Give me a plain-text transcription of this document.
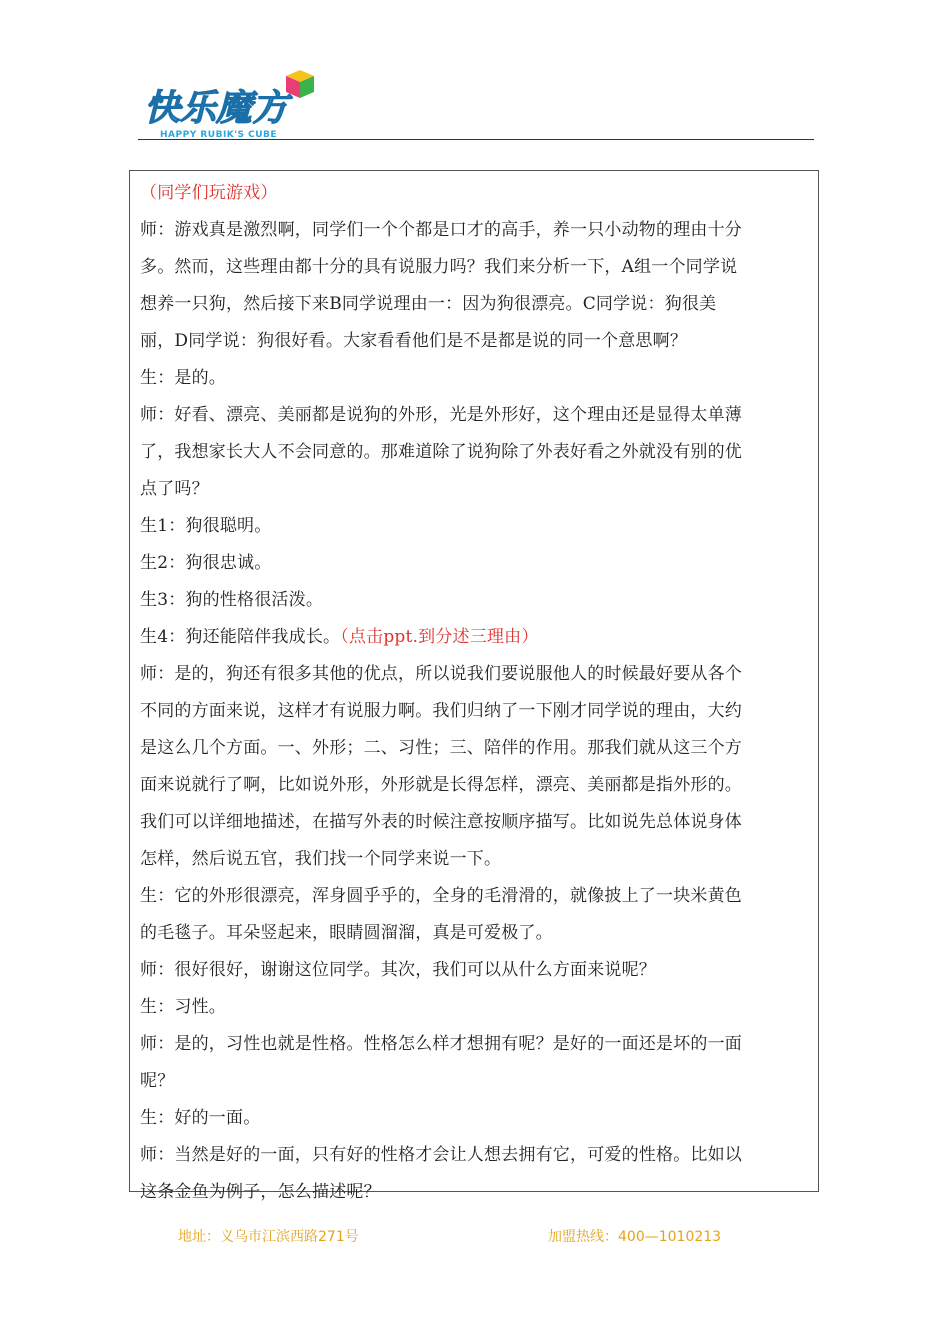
快乐魔方
HAPPY RUBIK'S CUBE
（同学们玩游戏）
师：游戏真是激烈啊，同学们一个个都是口才的高手，养一只小动物的理由十分
多。然而，这些理由都十分的具有说服力吗？我们来分析一下，A组一个同学说
想养一只狗，然后接下来B同学说理由一：因为狗很漂亮。C同学说：狗很美
丽，D同学说：狗很好看。大家看看他们是不是都是说的同一个意思啊？
生：是的。
师：好看、漂亮、美丽都是说狗的外形，光是外形好，这个理由还是显得太单薄
了，我想家长大人不会同意的。那难道除了说狗除了外表好看之外就没有别的优
点了吗？
生1：狗很聪明。
生2：狗很忠诚。
生3：狗的性格很活泼。
生4：狗还能陪伴我成长。（点击ppt.到分述三理由）
师：是的，狗还有很多其他的优点，所以说我们要说服他人的时候最好要从各个
不同的方面来说，这样才有说服力啊。我们归纳了一下刚才同学说的理由，大约
是这么几个方面。一、外形；二、习性；三、陪伴的作用。那我们就从这三个方
面来说就行了啊，比如说外形，外形就是长得怎样，漂亮、美丽都是指外形的。
我们可以详细地描述，在描写外表的时候注意按顺序描写。比如说先总体说身体
怎样，然后说五官，我们找一个同学来说一下。
生：它的外形很漂亮，浑身圆乎乎的，全身的毛滑滑的，就像披上了一块米黄色
的毛毯子。耳朵竖起来，眼睛圆溜溜，真是可爱极了。
师：很好很好，谢谢这位同学。其次，我们可以从什么方面来说呢？
生：习性。
师：是的，习性也就是性格。性格怎么样才想拥有呢？是好的一面还是坏的一面
呢？
生：好的一面。
师：当然是好的一面，只有好的性格才会让人想去拥有它，可爱的性格。比如以
这条金鱼为例子，怎么描述呢？
地址：义乌市江滨西路271号	加盟热线：400—1010213
